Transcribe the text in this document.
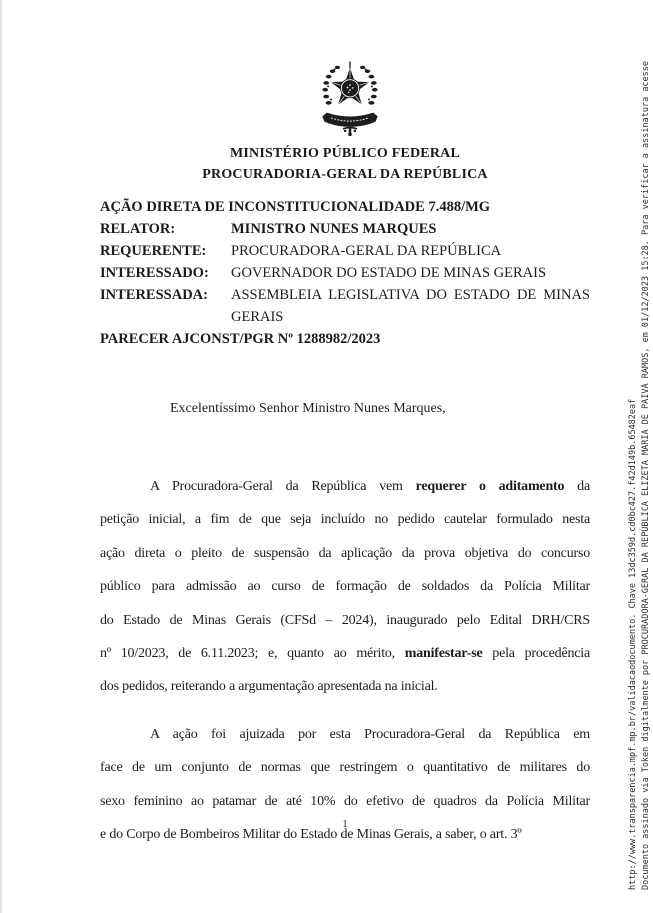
MINISTÉRIO PÚBLICO FEDERAL
PROCURADORIA-GERAL DA REPÚBLICA
AÇÃO DIRETA DE INCONSTITUCIONALIDADE 7.488/MG
RELATOR:	MINISTRO NUNES MARQUES
REQUERENTE:	PROCURADORA-GERAL DA REPÚBLICA
INTERESSADO:	GOVERNADOR DO ESTADO DE MINAS GERAIS
INTERESSADA:	ASSEMBLEIA LEGISLATIVA DO ESTADO DE MINAS
GERAIS
PARECER AJCONST/PGR Nº 1288982/2023
Excelentíssimo Senhor Ministro Nunes Marques,
A Procuradora-Geral da República vem requerer o aditamento da
petição inicial, a fim de que seja incluído no pedido cautelar formulado nesta
ação direta o pleito de suspensão da aplicação da prova objetiva do concurso
público para admissão ao curso de formação de soldados da Polícia Militar
do Estado de Minas Gerais (CFSd – 2024), inaugurado pelo Edital DRH/CRS
nº 10/2023, de 6.11.2023; e, quanto ao mérito, manifestar-se pela procedência
dos pedidos, reiterando a argumentação apresentada na inicial.
A ação foi ajuizada por esta Procuradora-Geral da República em
face de um conjunto de normas que restringem o quantitativo de militares do
sexo feminino ao patamar de até 10% do efetivo de quadros da Polícia Militar
e do Corpo de Bombeiros Militar do Estado de Minas Gerais, a saber, o art. 3º
1	Documento assinado via Token digitalmente por PROCURADORA-GERAL DA REPÚBLICA ELIZETA MARIA DE PAIVA RAMOS, em 01/12/2023 15:28. Para verificar a assinatura acesse
http://www.transparencia.mpf.mp.br/validacaodocumento. Chave 13dc359d.cd0bc427.f42d149b.65482eaf
